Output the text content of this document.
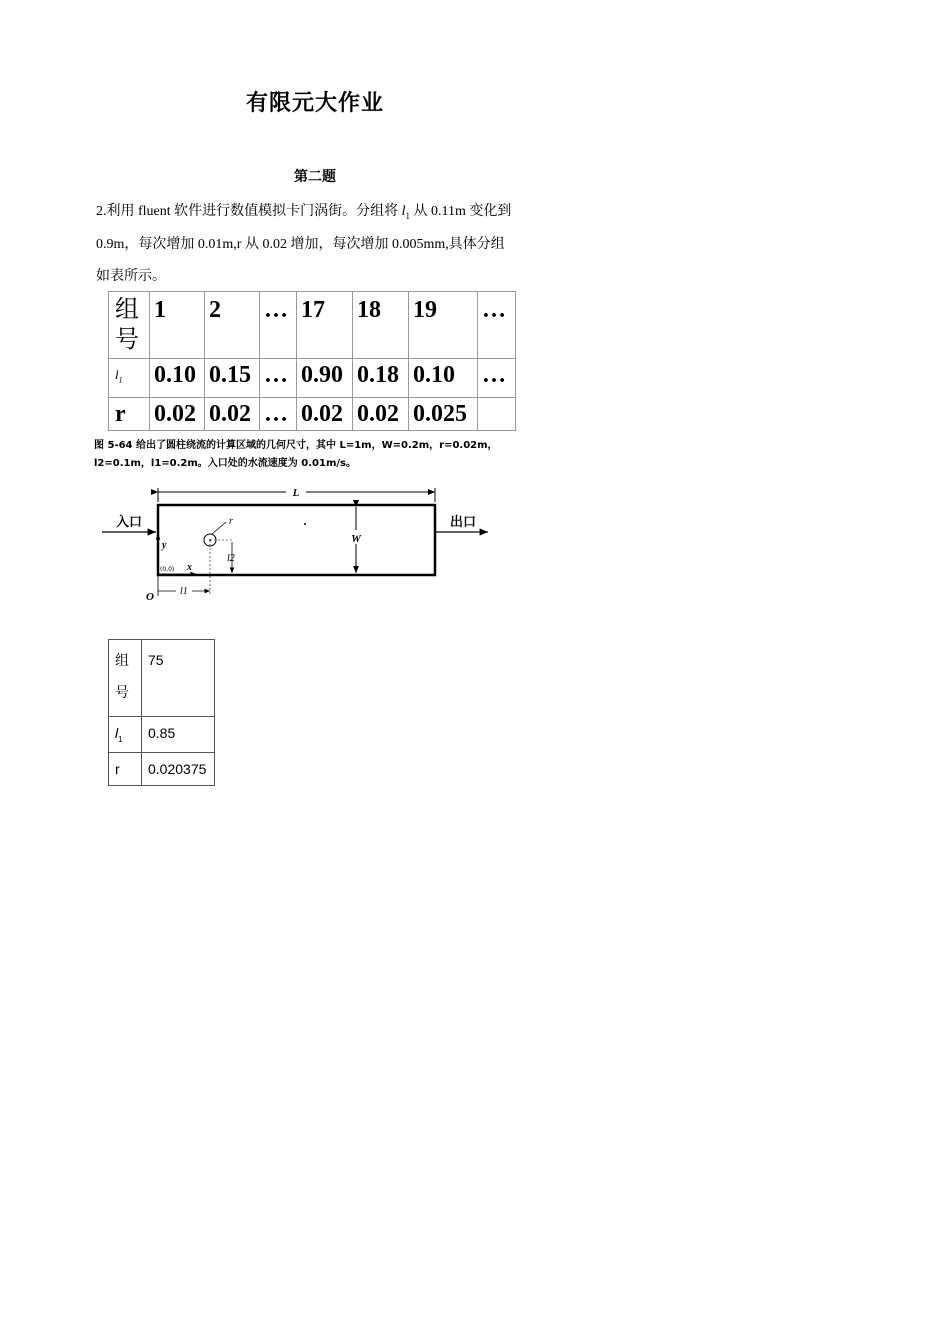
有限元大作业
第二题
2.利用 fluent 软件进行数值模拟卡门涡街。分组将 $l_1$ 从 0.11m 变化到
0.9m，每次增加 0.01m,r 从 0.02 增加，每次增加 0.005mm,具体分组
如表所示。
组号	1	2	…	17	18	19	…
$l_1$	0.10	0.15	…	0.90	0.18	0.10	…
r	0.02	0.02	…	0.02	0.02	0.025	
图 5-64 给出了圆柱绕流的计算区域的几何尺寸，其中 L=1m，W=0.2m，r=0.02m，
l2=0.1m，l1=0.2m。入口处的水流速度为 0.01m/s。
L
W
入口	出口
r
l2
y
x
(0,0)
O	l1
组号	75
$l_1$	0.85
r	0.020375
